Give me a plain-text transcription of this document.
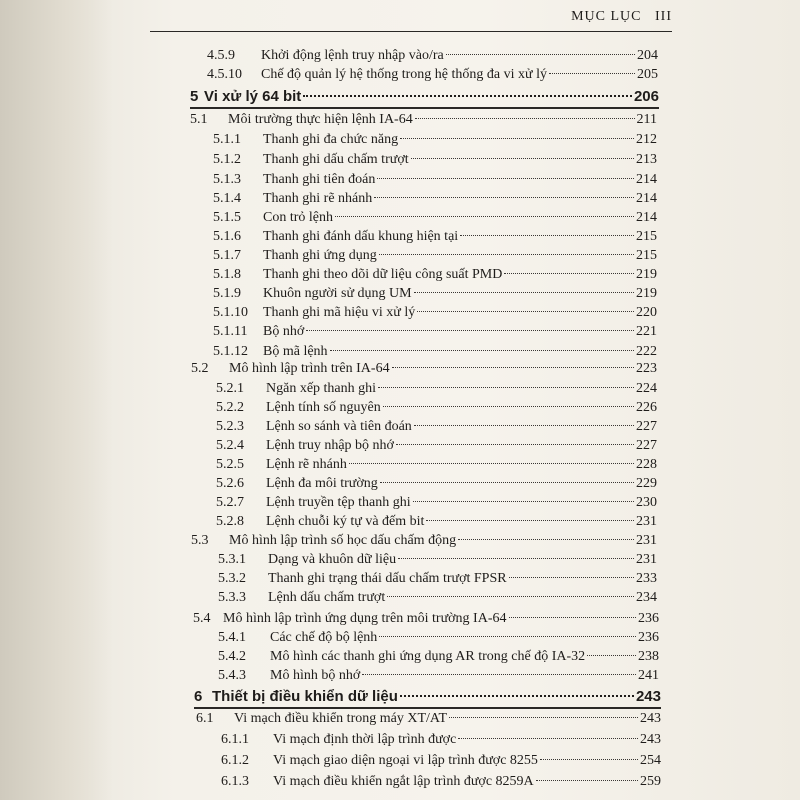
MỤC LỤC III
4.5.9	Khởi động lệnh truy nhập vào/ra	204
4.5.10	Chế độ quản lý hệ thống trong hệ thống đa vi xử lý	205
5 Vi xử lý 64 bit	206
5.1	Môi trường thực hiện lệnh IA-64	211
5.1.1	Thanh ghi đa chức năng	212
5.1.2	Thanh ghi dấu chấm trượt	213
5.1.3	Thanh ghi tiên đoán	214
5.1.4	Thanh ghi rẽ nhánh	214
5.1.5	Con trỏ lệnh	214
5.1.6	Thanh ghi đánh dấu khung hiện tại	215
5.1.7	Thanh ghi ứng dụng	215
5.1.8	Thanh ghi theo dõi dữ liệu công suất PMD	219
5.1.9	Khuôn người sử dụng UM	219
5.1.10	Thanh ghi mã hiệu vi xử lý	220
5.1.11	Bộ nhớ	221
5.1.12	Bộ mã lệnh	222
5.2	Mô hình lập trình trên IA-64	223
5.2.1	Ngăn xếp thanh ghi	224
5.2.2	Lệnh tính số nguyên	226
5.2.3	Lệnh so sánh và tiên đoán	227
5.2.4	Lệnh truy nhập bộ nhớ	227
5.2.5	Lệnh rẽ nhánh	228
5.2.6	Lệnh đa môi trường	229
5.2.7	Lệnh truyền tệp thanh ghi	230
5.2.8	Lệnh chuỗi ký tự và đếm bit	231
5.3	Mô hình lập trình số học dấu chấm động	231
5.3.1	Dạng và khuôn dữ liệu	231
5.3.2	Thanh ghi trạng thái dấu chấm trượt FPSR	233
5.3.3	Lệnh dấu chấm trượt	234
5.4 Mô hình lập trình ứng dụng trên môi trường IA-64	236
5.4.1	Các chế độ bộ lệnh	236
5.4.2	Mô hình các thanh ghi ứng dụng AR trong chế độ IA-32	238
5.4.3	Mô hình bộ nhớ	241
6 Thiết bị điều khiển dữ liệu	243
6.1	Vi mạch điều khiển trong máy XT/AT	243
6.1.1	Vi mạch định thời lập trình được	243
6.1.2	Vi mạch giao diện ngoại vi lập trình được 8255	254
6.1.3	Vi mạch điều khiển ngắt lập trình được 8259A	259
